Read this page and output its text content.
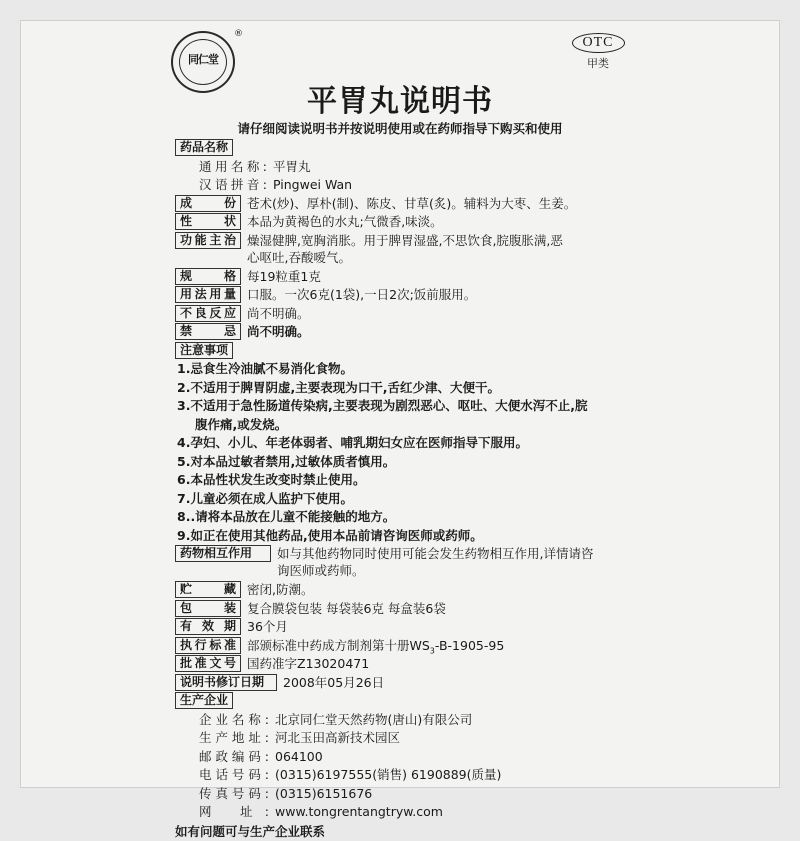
同仁堂
®
OTC
甲类
平胃丸说明书
请仔细阅读说明书并按说明使用或在药师指导下购买和使用
药品名称
通用名称: 平胃丸
汉语拼音: Pingwei Wan
成 份 苍术(炒)、厚朴(制)、陈皮、甘草(炙)。辅料为大枣、生姜。
性 状 本品为黄褐色的水丸;气微香,味淡。
功能主治 燥湿健脾,宽胸消胀。用于脾胃湿盛,不思饮食,脘腹胀满,恶
心呕吐,吞酸嗳气。
规 格 每19粒重1克
用法用量 口服。一次6克(1袋),一日2次;饭前服用。
不良反应 尚不明确。
禁 忌 尚不明确。
注意事项
1.忌食生冷油腻不易消化食物。
2.不适用于脾胃阴虚,主要表现为口干,舌红少津、大便干。
3.不适用于急性肠道传染病,主要表现为剧烈恶心、呕吐、大便水泻不止,脘
腹作痛,或发烧。
4.孕妇、小儿、年老体弱者、哺乳期妇女应在医师指导下服用。
5.对本品过敏者禁用,过敏体质者慎用。
6.本品性状发生改变时禁止使用。
7.儿童必须在成人监护下使用。
8..请将本品放在儿童不能接触的地方。
9.如正在使用其他药品,使用本品前请咨询医师或药师。
药物相互作用	如与其他药物同时使用可能会发生药物相互作用,详情请咨
询医师或药师。
贮 藏 密闭,防潮。
包 装 复合膜袋包装 每袋装6克 每盒装6袋
有 效 期 36个月
执行标准 部颁标准中药成方制剂第十册$WS_3-B-1905-95$
批准文号 国药准字Z13020471
说明书修订日期	2008年05月26日
生产企业
企业名称: 北京同仁堂天然药物(唐山)有限公司
生产地址: 河北玉田高新技术园区
邮政编码: 064100
电话号码: (0315)6197555(销售) 6190889(质量)
传真号码: (0315)6151676
网 址: www.tongrentangtryw.com
如有问题可与生产企业联系
